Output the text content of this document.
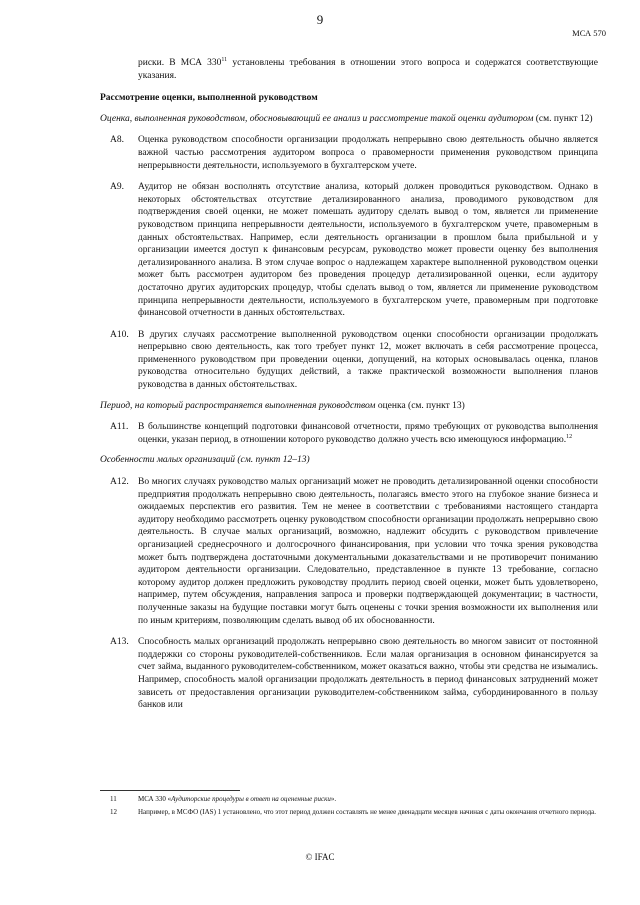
9
МСА 570

риски. В МСА $330^{11}$ установлены требования в отношении этого вопроса и содержатся соответствующие указания.

Рассмотрение оценки, выполненной руководством

Оценка, выполненная руководством, обосновывающий ее анализ и рассмотрение такой оценки аудитором (см. пункт 12)

A8.	Оценка руководством способности организации продолжать непрерывно свою деятельность обычно является важной частью рассмотрения аудитором вопроса о правомерности применения руководством принципа непрерывности деятельности, используемого в бухгалтерском учете.
A9.	Аудитор не обязан восполнять отсутствие анализа, который должен проводиться руководством. Однако в некоторых обстоятельствах отсутствие детализированного анализа, проводимого руководством для подтверждения своей оценки, не может помешать аудитору сделать вывод о том, является ли применение руководством принципа непрерывности деятельности, используемого в бухгалтерском учете, правомерным в данных обстоятельствах. Например, если деятельность организации в прошлом была прибыльной и у организации имеется доступ к финансовым ресурсам, руководство может провести оценку без выполнения детализированного анализа. В этом случае вопрос о надлежащем характере выполненной руководством оценки может быть рассмотрен аудитором без проведения процедур детализированной оценки, если аудитору достаточно других аудиторских процедур, чтобы сделать вывод о том, является ли применение руководством принципа непрерывности деятельности, используемого в бухгалтерском учете, правомерным при подготовке финансовой отчетности в данных обстоятельствах.
A10. В других случаях рассмотрение выполненной руководством оценки способности организации продолжать непрерывно свою деятельность, как того требует пункт 12, может включать в себя рассмотрение процесса, примененного руководством при проведении оценки, допущений, на которых основывалась оценка, планов руководства относительно будущих действий, а также практической возможности выполнения планов руководства в данных обстоятельствах.

Период, на который распространяется выполненная руководством оценка (см. пункт 13)

A11.	В большинстве концепций подготовки финансовой отчетности, прямо требующих от руководства выполнения оценки, указан период, в отношении которого руководство должно учесть всю имеющуюся информацию.$^{12}$

Особенности малых организаций (см. пункт 12–13)

A12. Во многих случаях руководство малых организаций может не проводить детализированной оценки способности предприятия продолжать непрерывно свою деятельность, полагаясь вместо этого на глубокое знание бизнеса и ожидаемых перспектив его развития. Тем не менее в соответствии с требованиями настоящего стандарта аудитору необходимо рассмотреть оценку руководством способности организации продолжать непрерывно свою деятельность. В случае малых организаций, возможно, надлежит обсудить с руководством привлечение организацией среднесрочного и долгосрочного финансирования, при условии что точка зрения руководства может быть подтверждена достаточными документальными доказательствами и не противоречит пониманию аудитором деятельности организации. Следовательно, представленное в пункте 13 требование, согласно которому аудитор должен предложить руководству продлить период своей оценки, может быть удовлетворено, например, путем обсуждения, направления запроса и проверки подтверждающей документации; в частности, полученные заказы на будущие поставки могут быть оценены с точки зрения возможности их выполнения или по иным критериям, позволяющим сделать вывод об их обоснованности.
A13. Способность малых организаций продолжать непрерывно свою деятельность во многом зависит от постоянной поддержки со стороны руководителей-собственников. Если малая организация в основном финансируется за счет займа, выданного руководителем-собственником, может оказаться важно, чтобы эти средства не изымались. Например, способность малой организации продолжать деятельность в период финансовых затруднений может зависеть от предоставления организации руководителем-собственником займа, субординированного в пользу банков или
11	МСА 330 «Аудиторские процедуры в ответ на оцененные риски».
12	Например, в МСФО (IAS) 1 установлено, что этот период должен составлять не менее двенадцати месяцев начиная с даты окончания отчетного периода.
© IFAC
